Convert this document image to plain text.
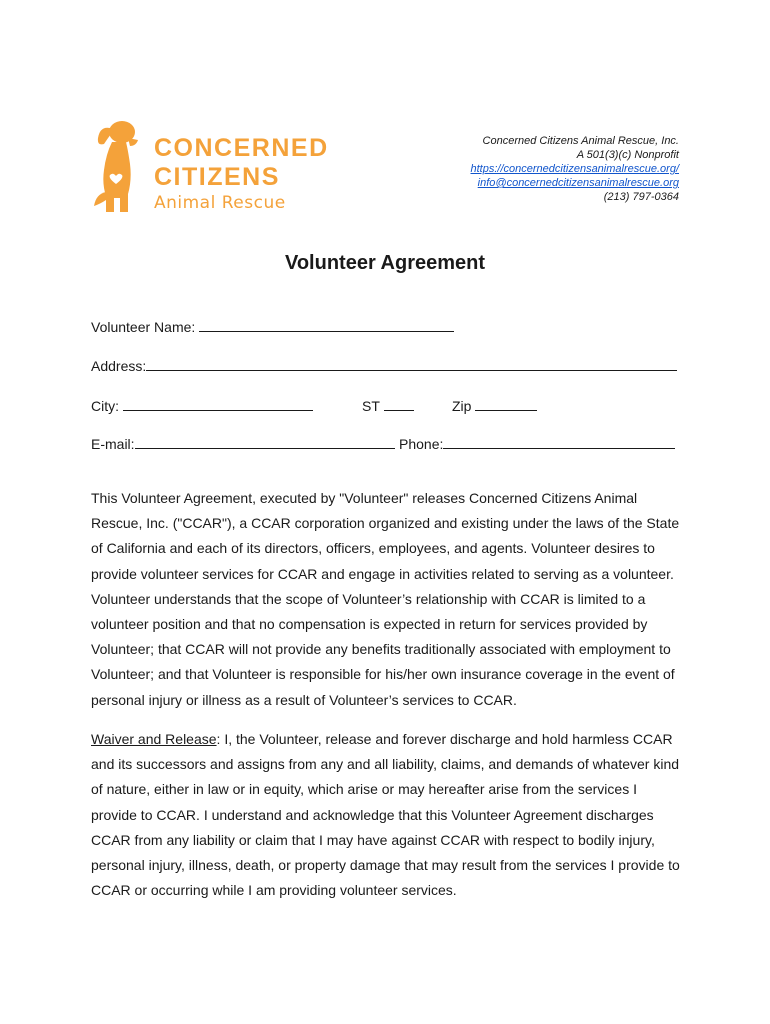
CONCERNED
CITIZENS
Animal Rescue
Concerned Citizens Animal Rescue, Inc.
A 501(3)(c) Nonprofit
https://concernedcitizensanimalrescue.org/
info@concernedcitizensanimalrescue.org
(213) 797-0364
Volunteer Agreement
Volunteer Name:
Address:
City:	ST	Zip
E-mail:	Phone:
This Volunteer Agreement, executed by "Volunteer" releases Concerned Citizens Animal Rescue, Inc. ("CCAR"), a CCAR corporation organized and existing under the laws of the State of California and each of its directors, officers, employees, and agents. Volunteer desires to provide volunteer services for CCAR and engage in activities related to serving as a volunteer. Volunteer understands that the scope of Volunteer’s relationship with CCAR is limited to a volunteer position and that no compensation is expected in return for services provided by Volunteer; that CCAR will not provide any benefits traditionally associated with employment to Volunteer; and that Volunteer is responsible for his/her own insurance coverage in the event of personal injury or illness as a result of Volunteer’s services to CCAR.
Waiver and Release: I, the Volunteer, release and forever discharge and hold harmless CCAR and its successors and assigns from any and all liability, claims, and demands of whatever kind of nature, either in law or in equity, which arise or may hereafter arise from the services I provide to CCAR. I understand and acknowledge that this Volunteer Agreement discharges CCAR from any liability or claim that I may have against CCAR with respect to bodily injury, personal injury, illness, death, or property damage that may result from the services I provide to CCAR or occurring while I am providing volunteer services.
